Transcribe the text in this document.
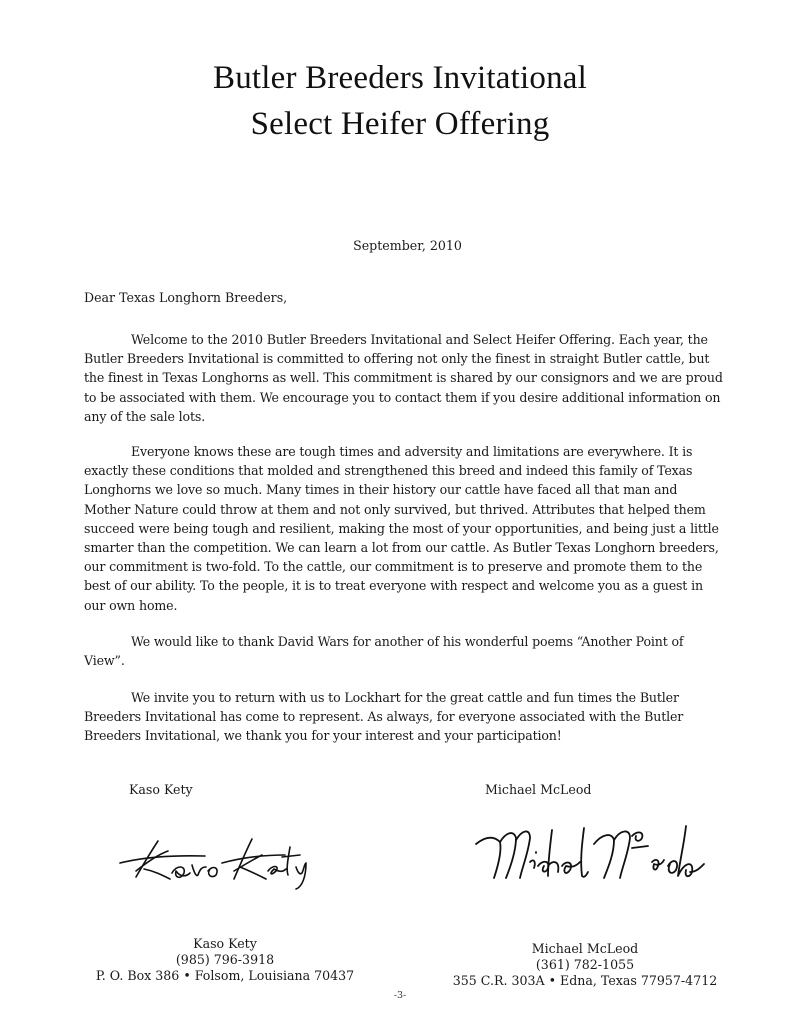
Butler Breeders Invitational
Select Heifer Offering
September, 2010
Dear Texas Longhorn Breeders,

Welcome to the 2010 Butler Breeders Invitational and Select Heifer Offering. Each year, the Butler Breeders Invitational is committed to offering not only the finest in straight Butler cattle, but the finest in Texas Longhorns as well. This commitment is shared by our consignors and we are proud to be associated with them. We encourage you to contact them if you desire additional information on any of the sale lots.

Everyone knows these are tough times and adversity and limitations are everywhere. It is exactly these conditions that molded and strengthened this breed and indeed this family of Texas Longhorns we love so much. Many times in their history our cattle have faced all that man and Mother Nature could throw at them and not only survived, but thrived. Attributes that helped them succeed were being tough and resilient, making the most of your opportunities, and being just a little smarter than the competition. We can learn a lot from our cattle. As Butler Texas Longhorn breeders, our commitment is two-fold. To the cattle, our commitment is to preserve and promote them to the best of our ability. To the people, it is to treat everyone with respect and welcome you as a guest in our own home.

We would like to thank David Wars for another of his wonderful poems “Another Point of View”.

We invite you to return with us to Lockhart for the great cattle and fun times the Butler Breeders Invitational has come to represent. As always, for everyone associated with the Butler Breeders Invitational, we thank you for your interest and your participation!

Kaso Kety	Michael McLeod
Kaso Kety
(985) 796-3918
P. O. Box 386 • Folsom, Louisiana 70437
Michael McLeod
(361) 782-1055
355 C.R. 303A • Edna, Texas 77957-4712
-3-
